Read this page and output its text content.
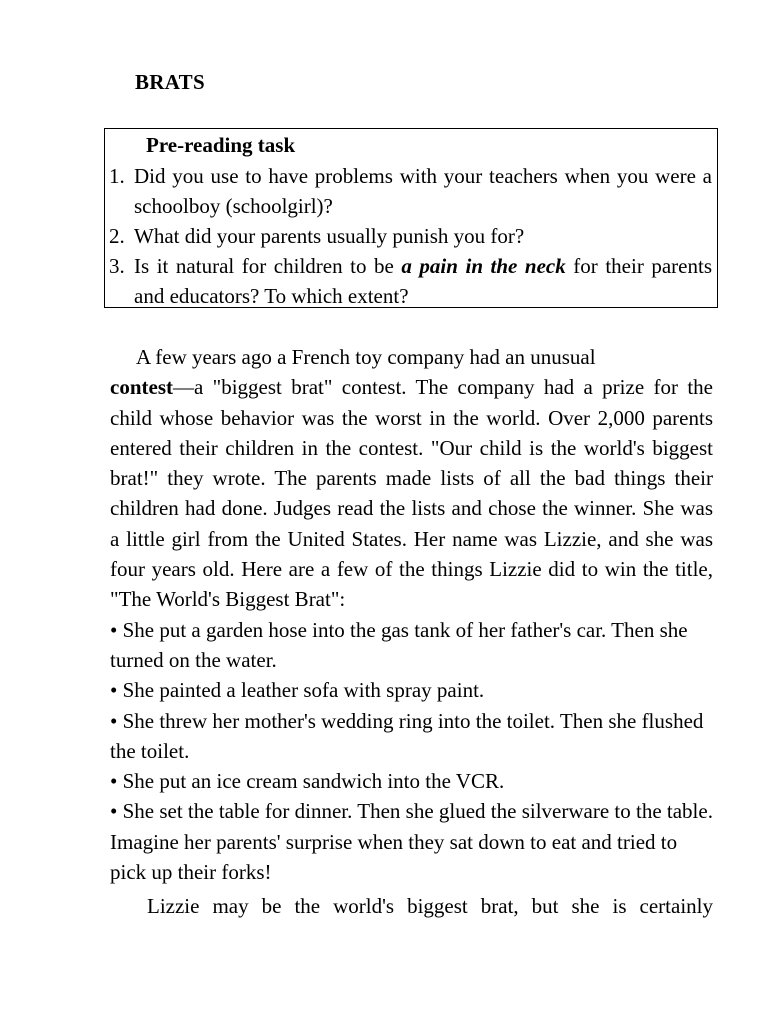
BRATS
Pre-reading task
1. Did you use to have problems with your teachers when you were a schoolboy (schoolgirl)?
2. What did your parents usually punish you for?
3. Is it natural for children to be a pain in the neck for their parents and educators? To which extent?

A few years ago a French toy company had an unusual
contest—a "biggest brat" contest. The company had a prize for the child whose behavior was the worst in the world. Over 2,000 parents entered their children in the contest. "Our child is the world's biggest brat!" they wrote. The parents made lists of all the bad things their children had done. Judges read the lists and chose the winner. She was a little girl from the United States. Her name was Lizzie, and she was four years old. Here are a few of the things Lizzie did to win the title, "The World's Biggest Brat":

• She put a garden hose into the gas tank of her father's car. Then she turned on the water.

• She painted a leather sofa with spray paint.

• She threw her mother's wedding ring into the toilet. Then she flushed the toilet.

• She put an ice cream sandwich into the VCR.

• She set the table for dinner. Then she glued the silverware to the table. Imagine her parents' surprise when they sat down to eat and tried to pick up their forks!

Lizzie may be the world's biggest brat, but she is certainly
